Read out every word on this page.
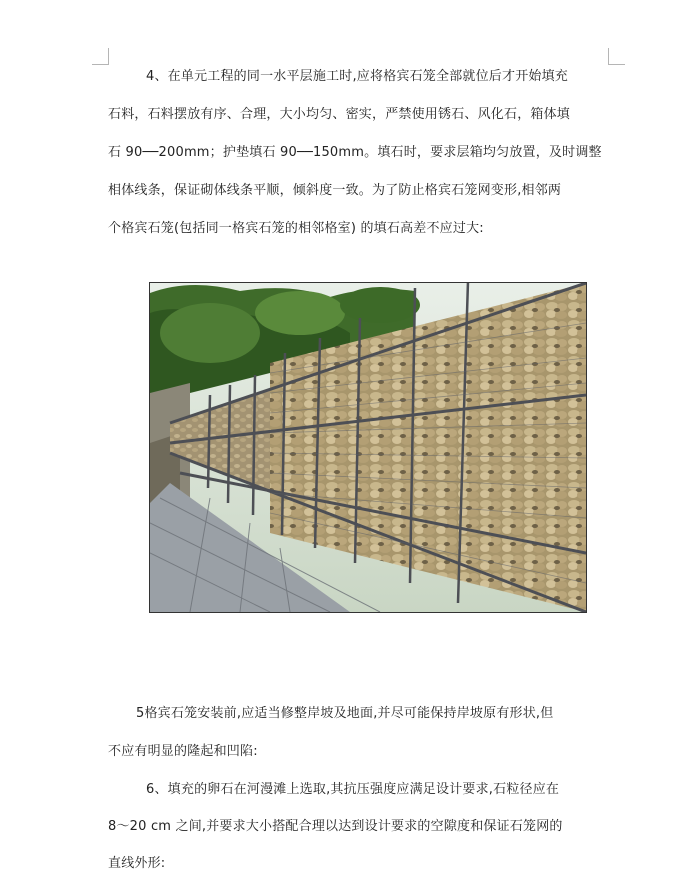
4、在单元工程的同一水平层施工时,应将格宾石笼全部就位后才开始填充
石料，石料摆放有序、合理，大小均匀、密实，严禁使用锈石、风化石，箱体填
石 90──200mm；护垫填石 90──150mm。填石时，要求层箱均匀放置，及时调整
相体线条，保证砌体线条平顺，倾斜度一致。为了防止格宾石笼网变形,相邻两
个格宾石笼(包括同一格宾石笼的相邻格室) 的填石高差不应过大:
5格宾石笼安装前,应适当修整岸坡及地面,并尽可能保持岸坡原有形状,但
不应有明显的隆起和凹陷:
6、填充的卵石在河漫滩上选取,其抗压强度应满足设计要求,石粒径应在
8～20 cm 之间,并要求大小搭配合理以达到设计要求的空隙度和保证石笼网的
直线外形:
